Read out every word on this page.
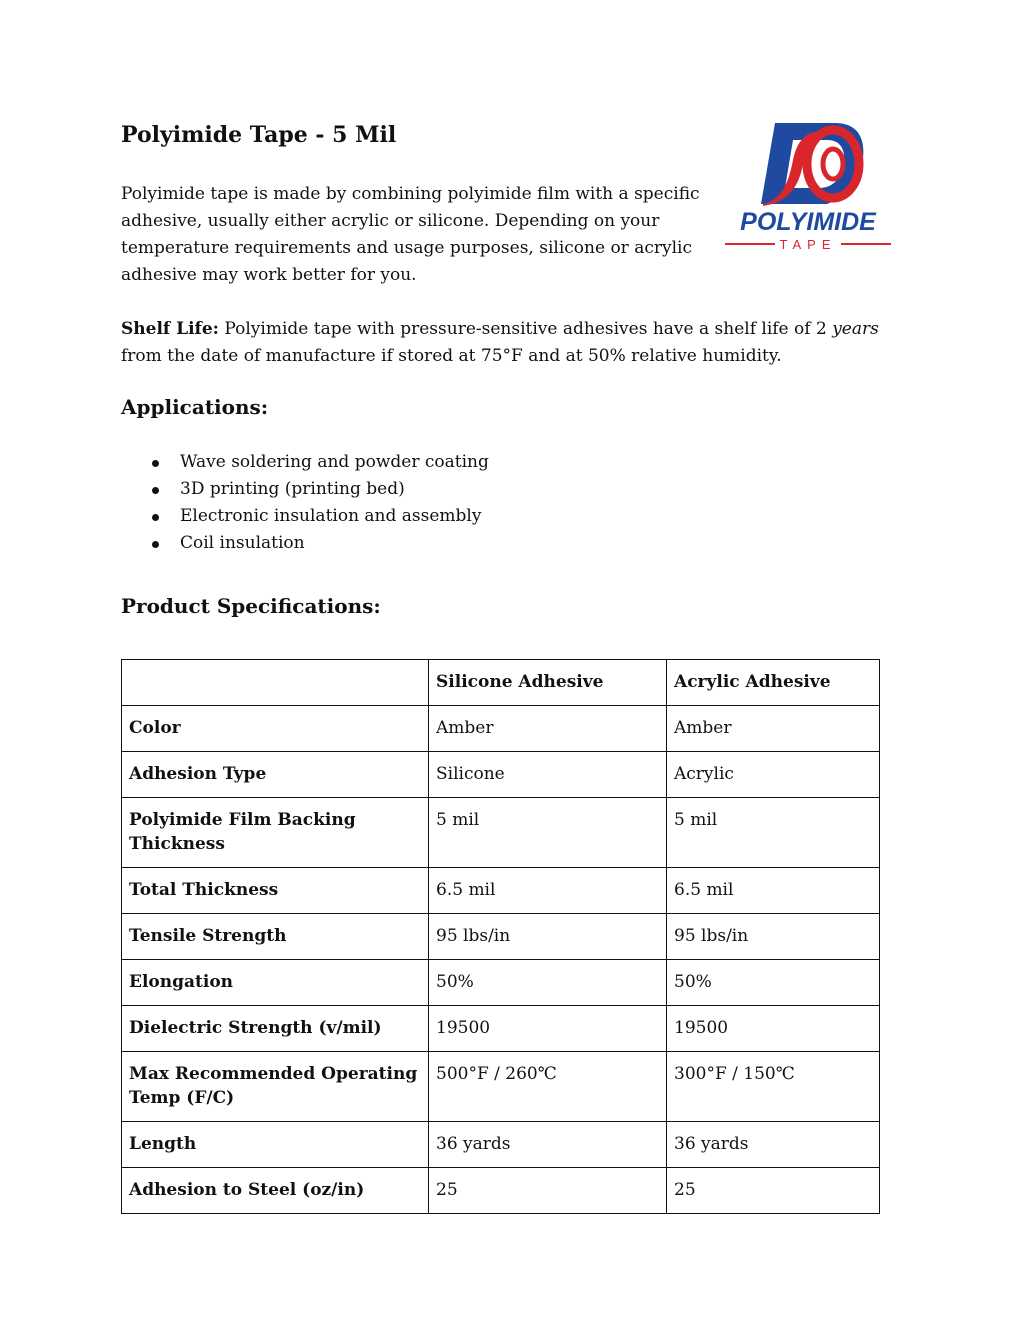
Polyimide Tape - 5 Mil

Polyimide tape is made by combining polyimide film with a specific adhesive, usually either acrylic or silicone. Depending on your temperature requirements and usage purposes, silicone or acrylic adhesive may work better for you.

Shelf Life: Polyimide tape with pressure-sensitive adhesives have a shelf life of 2 years from the date of manufacture if stored at 75°F and at 50% relative humidity.

Applications:
Wave soldering and powder coating
3D printing (printing bed)
Electronic insulation and assembly
Coil insulation
Product Specifications:
POLYIMIDE
TAPE
	Silicone Adhesive	Acrylic Adhesive
Color	Amber	Amber
Adhesion Type	Silicone	Acrylic
Polyimide Film Backing Thickness	5 mil	5 mil
Total Thickness	6.5 mil	6.5 mil
Tensile Strength	95 lbs/in	95 lbs/in
Elongation	50%	50%
Dielectric Strength (v/mil)	19500	19500
Max Recommended Operating Temp (F/C)	500°F / 260℃	300°F / 150℃
Length	36 yards	36 yards
Adhesion to Steel (oz/in)	25	25
